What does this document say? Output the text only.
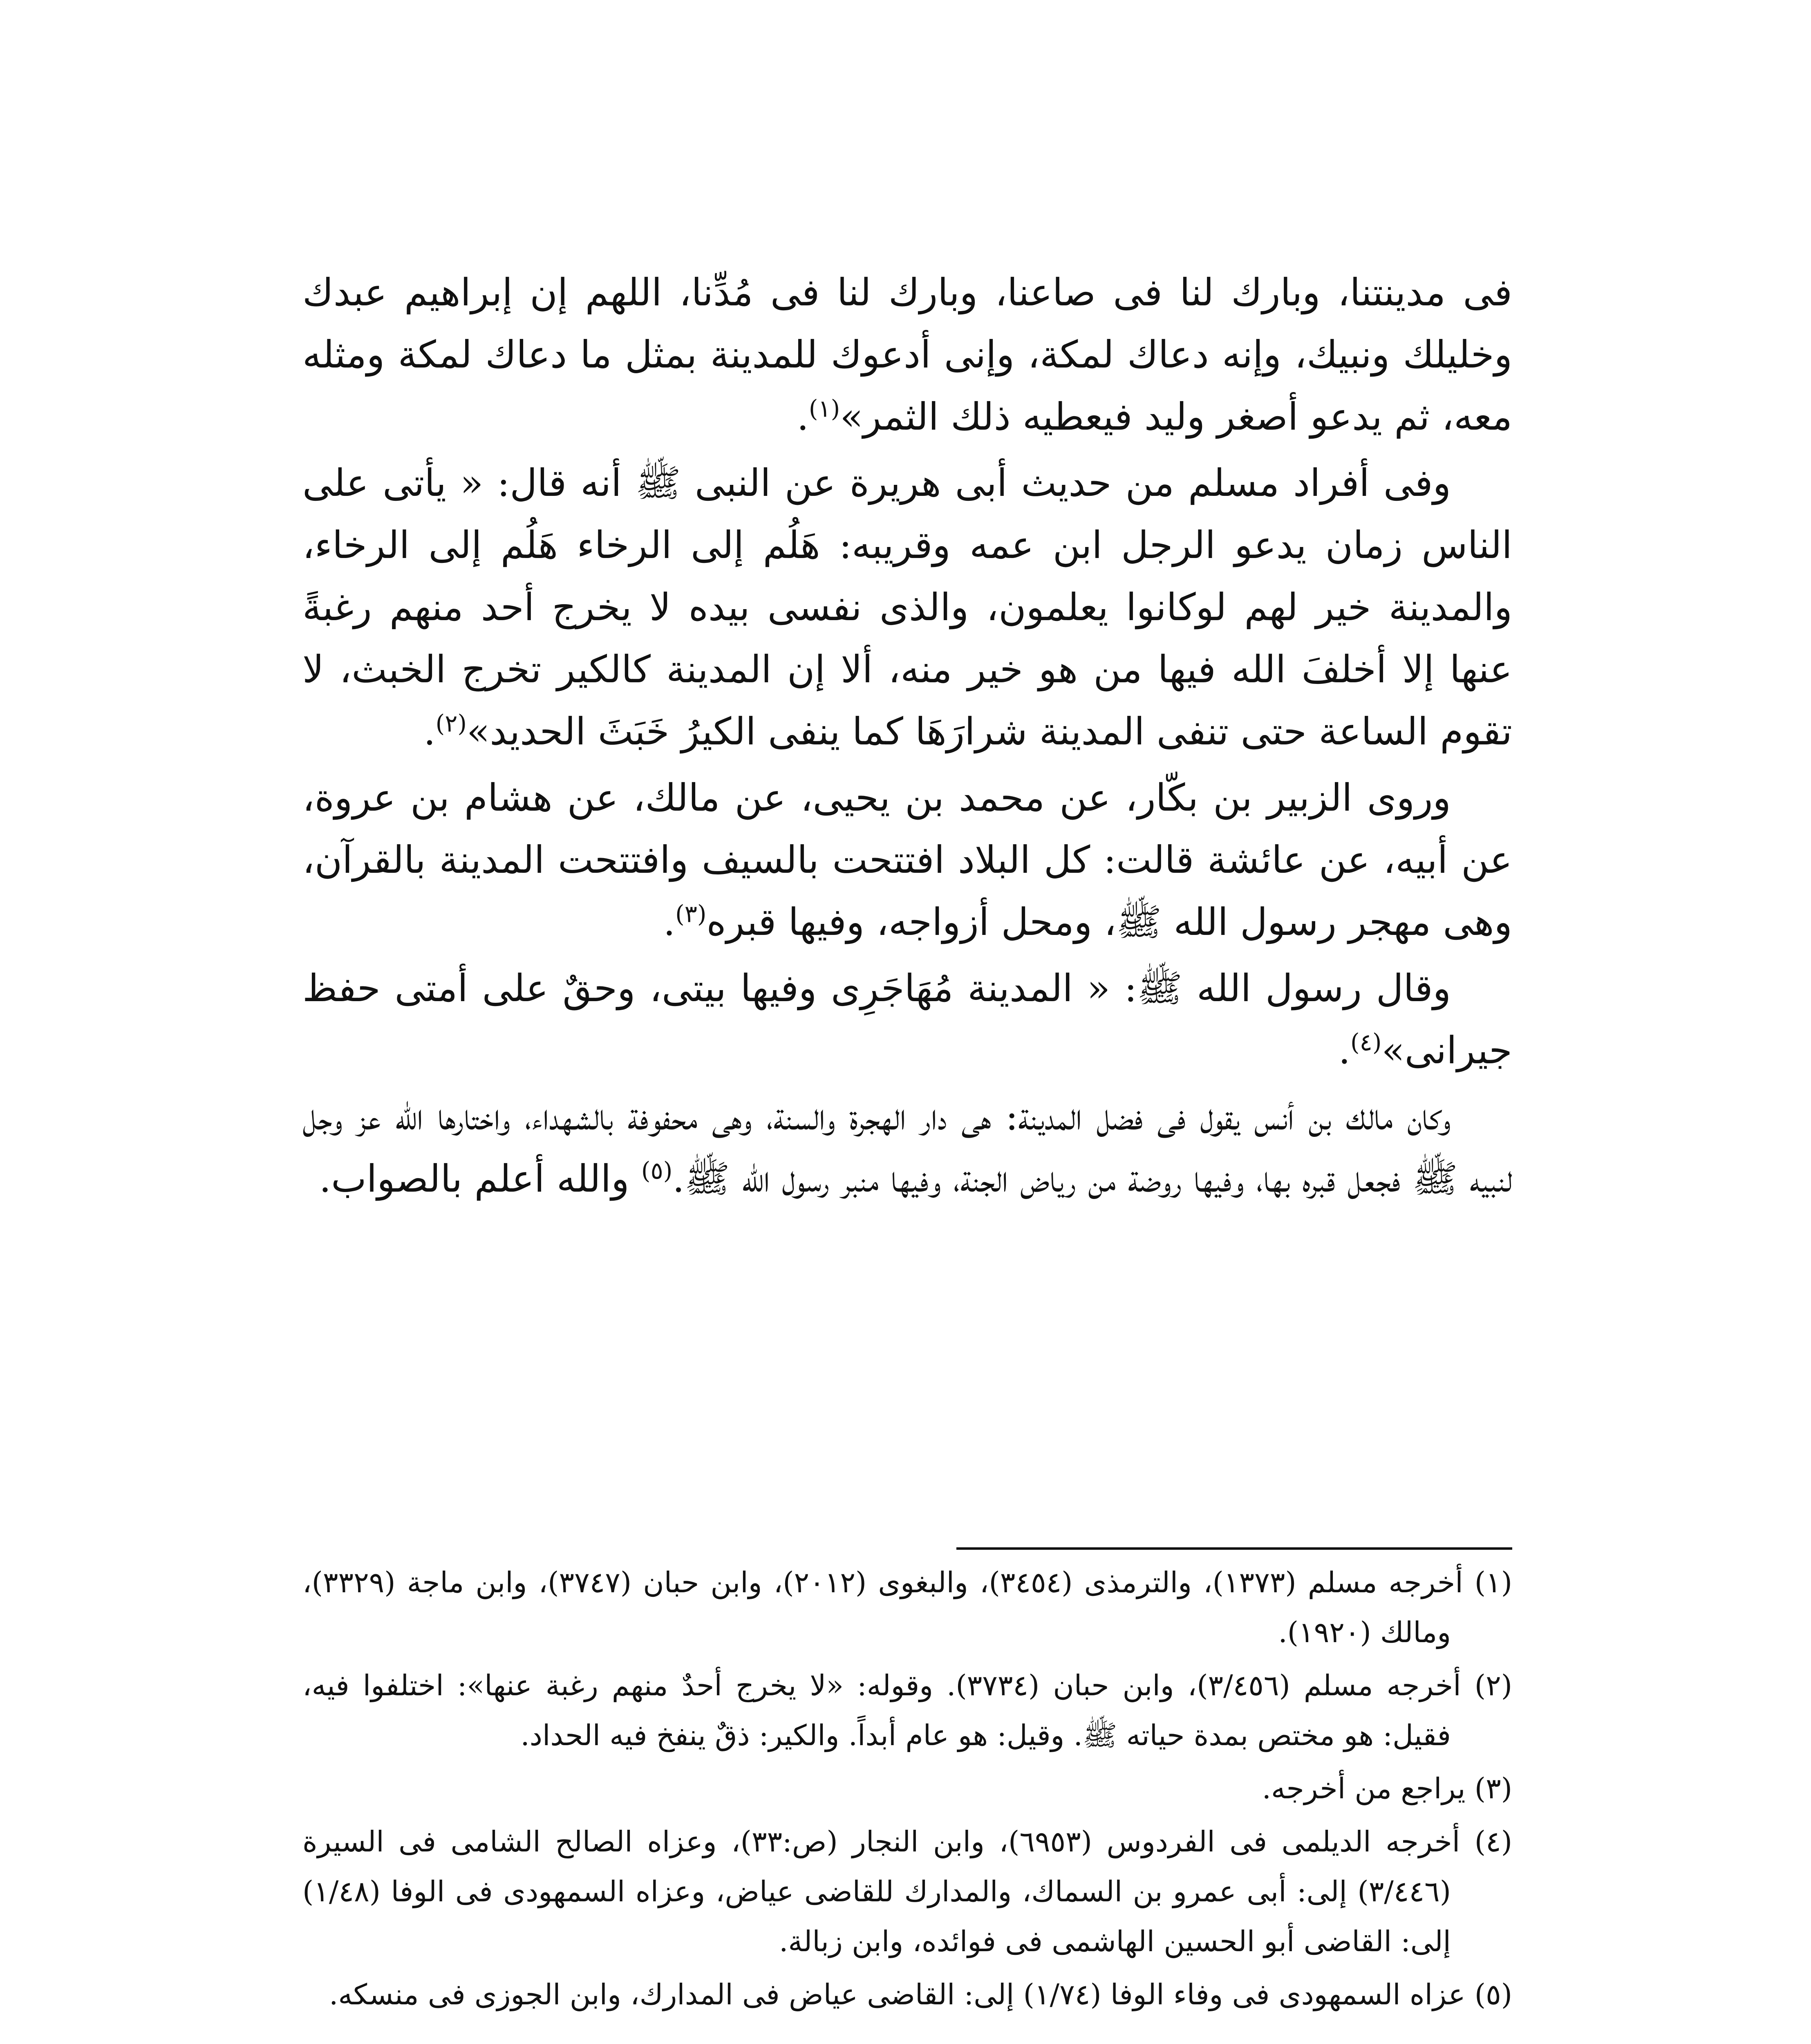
فى مدينتنا، وبارك لنا فى صاعنا، وبارك لنا فى مُدِّنا، اللهم إن إبراهيم عبدك وخليلك ونبيك، وإنه دعاك لمكة، وإنى أدعوك للمدينة بمثل ما دعاك لمكة ومثله معه، ثم يدعو أصغر وليد فيعطيه ذلك الثمر»$^{(١)}$.

وفى أفراد مسلم من حديث أبى هريرة عن النبى ﷺ أنه قال: « يأتى على الناس زمان يدعو الرجل ابن عمه وقريبه: هَلُم إلى الرخاء هَلُم إلى الرخاء، والمدينة خير لهم لوكانوا يعلمون، والذى نفسى بيده لا يخرج أحد منهم رغبةً عنها إلا أخلفَ الله فيها من هو خير منه، ألا إن المدينة كالكير تخرج الخبث، لا تقوم الساعة حتى تنفى المدينة شرارَهَا كما ينفى الكيرُ خَبَثَ الحديد»$^{(٢)}$.

وروى الزبير بن بكّار، عن محمد بن يحيى، عن مالك، عن هشام بن عروة، عن أبيه، عن عائشة قالت: كل البلاد افتتحت بالسيف وافتتحت المدينة بالقرآن، وهى مهجر رسول الله ﷺ، ومحل أزواجه، وفيها قبره$^{(٣)}$.

وقال رسول الله ﷺ: « المدينة مُهَاجَرِى وفيها بيتى، وحقٌ على أمتى حفظ جيرانى»$^{(٤)}$.

وكان مالك بن أنس يقول فى فضل المدينة: هى دار الهجرة والسنة، وهى محفوفة بالشهداء، واختارها الله عز وجل لنبيه ﷺ فجعل قبره بها، وفيها روضة من رياض الجنة، وفيها منبر رسول الله ﷺ.$^{(٥)}$ والله أعلم بالصواب.

(١) أخرجه مسلم (١٣٧٣)، والترمذى (٣٤٥٤)، والبغوى (٢٠١٢)، وابن حبان (٣٧٤٧)، وابن ماجة (٣٣٢٩)، ومالك (١٩٢٠).

(٢) أخرجه مسلم (٣/٤٥٦)، وابن حبان (٣٧٣٤). وقوله: «لا يخرج أحدٌ منهم رغبة عنها»: اختلفوا فيه، فقيل: هو مختص بمدة حياته ﷺ. وقيل: هو عام أبداً. والكير: ذقٌ ينفخ فيه الحداد.

(٣) يراجع من أخرجه.

(٤) أخرجه الديلمى فى الفردوس (٦٩٥٣)، وابن النجار (ص:٣٣)، وعزاه الصالح الشامى فى السيرة (٣/٤٤٦) إلى: أبى عمرو بن السماك، والمدارك للقاضى عياض، وعزاه السمهودى فى الوفا (١/٤٨) إلى: القاضى أبو الحسين الهاشمى فى فوائده، وابن زبالة.

(٥) عزاه السمهودى فى وفاء الوفا (١/٧٤) إلى: القاضى عياض فى المدارك، وابن الجوزى فى منسكه.
